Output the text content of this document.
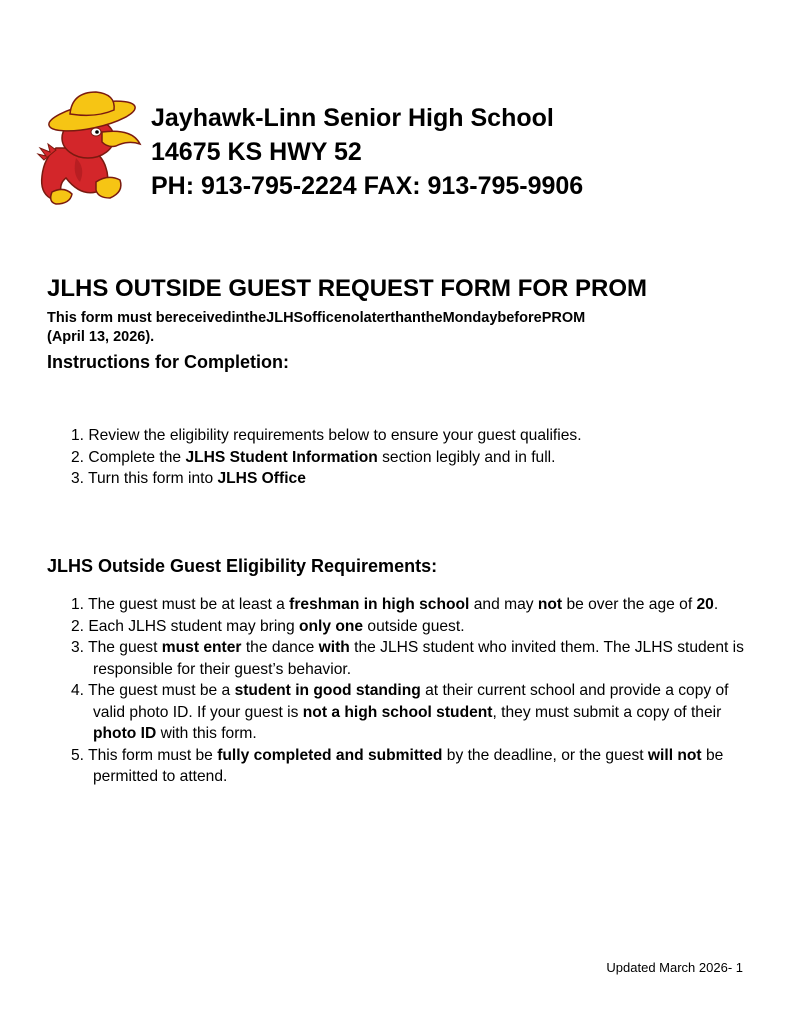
Jayhawk-Linn Senior High School
14675 KS HWY 52
PH: 913-795-2224 FAX: 913-795-9906
JLHS OUTSIDE GUEST REQUEST FORM FOR PROM
This form must bereceivedintheJLHSofficenolaterthantheMondaybeforePROM
(April 13, 2026).
Instructions for Completion:
1. Review the eligibility requirements below to ensure your guest qualifies.
2. Complete the JLHS Student Information section legibly and in full.
3. Turn this form into JLHS Office
JLHS Outside Guest Eligibility Requirements:
1. The guest must be at least a freshman in high school and may not be over the age of 20.
2. Each JLHS student may bring only one outside guest.
3. The guest must enter the dance with the JLHS student who invited them. The JLHS student is responsible for their guest’s behavior.
4. The guest must be a student in good standing at their current school and provide a copy of valid photo ID. If your guest is not a high school student, they must submit a copy of their photo ID with this form.
5. This form must be fully completed and submitted by the deadline, or the guest will not be permitted to attend.
Updated March 2026- 1
